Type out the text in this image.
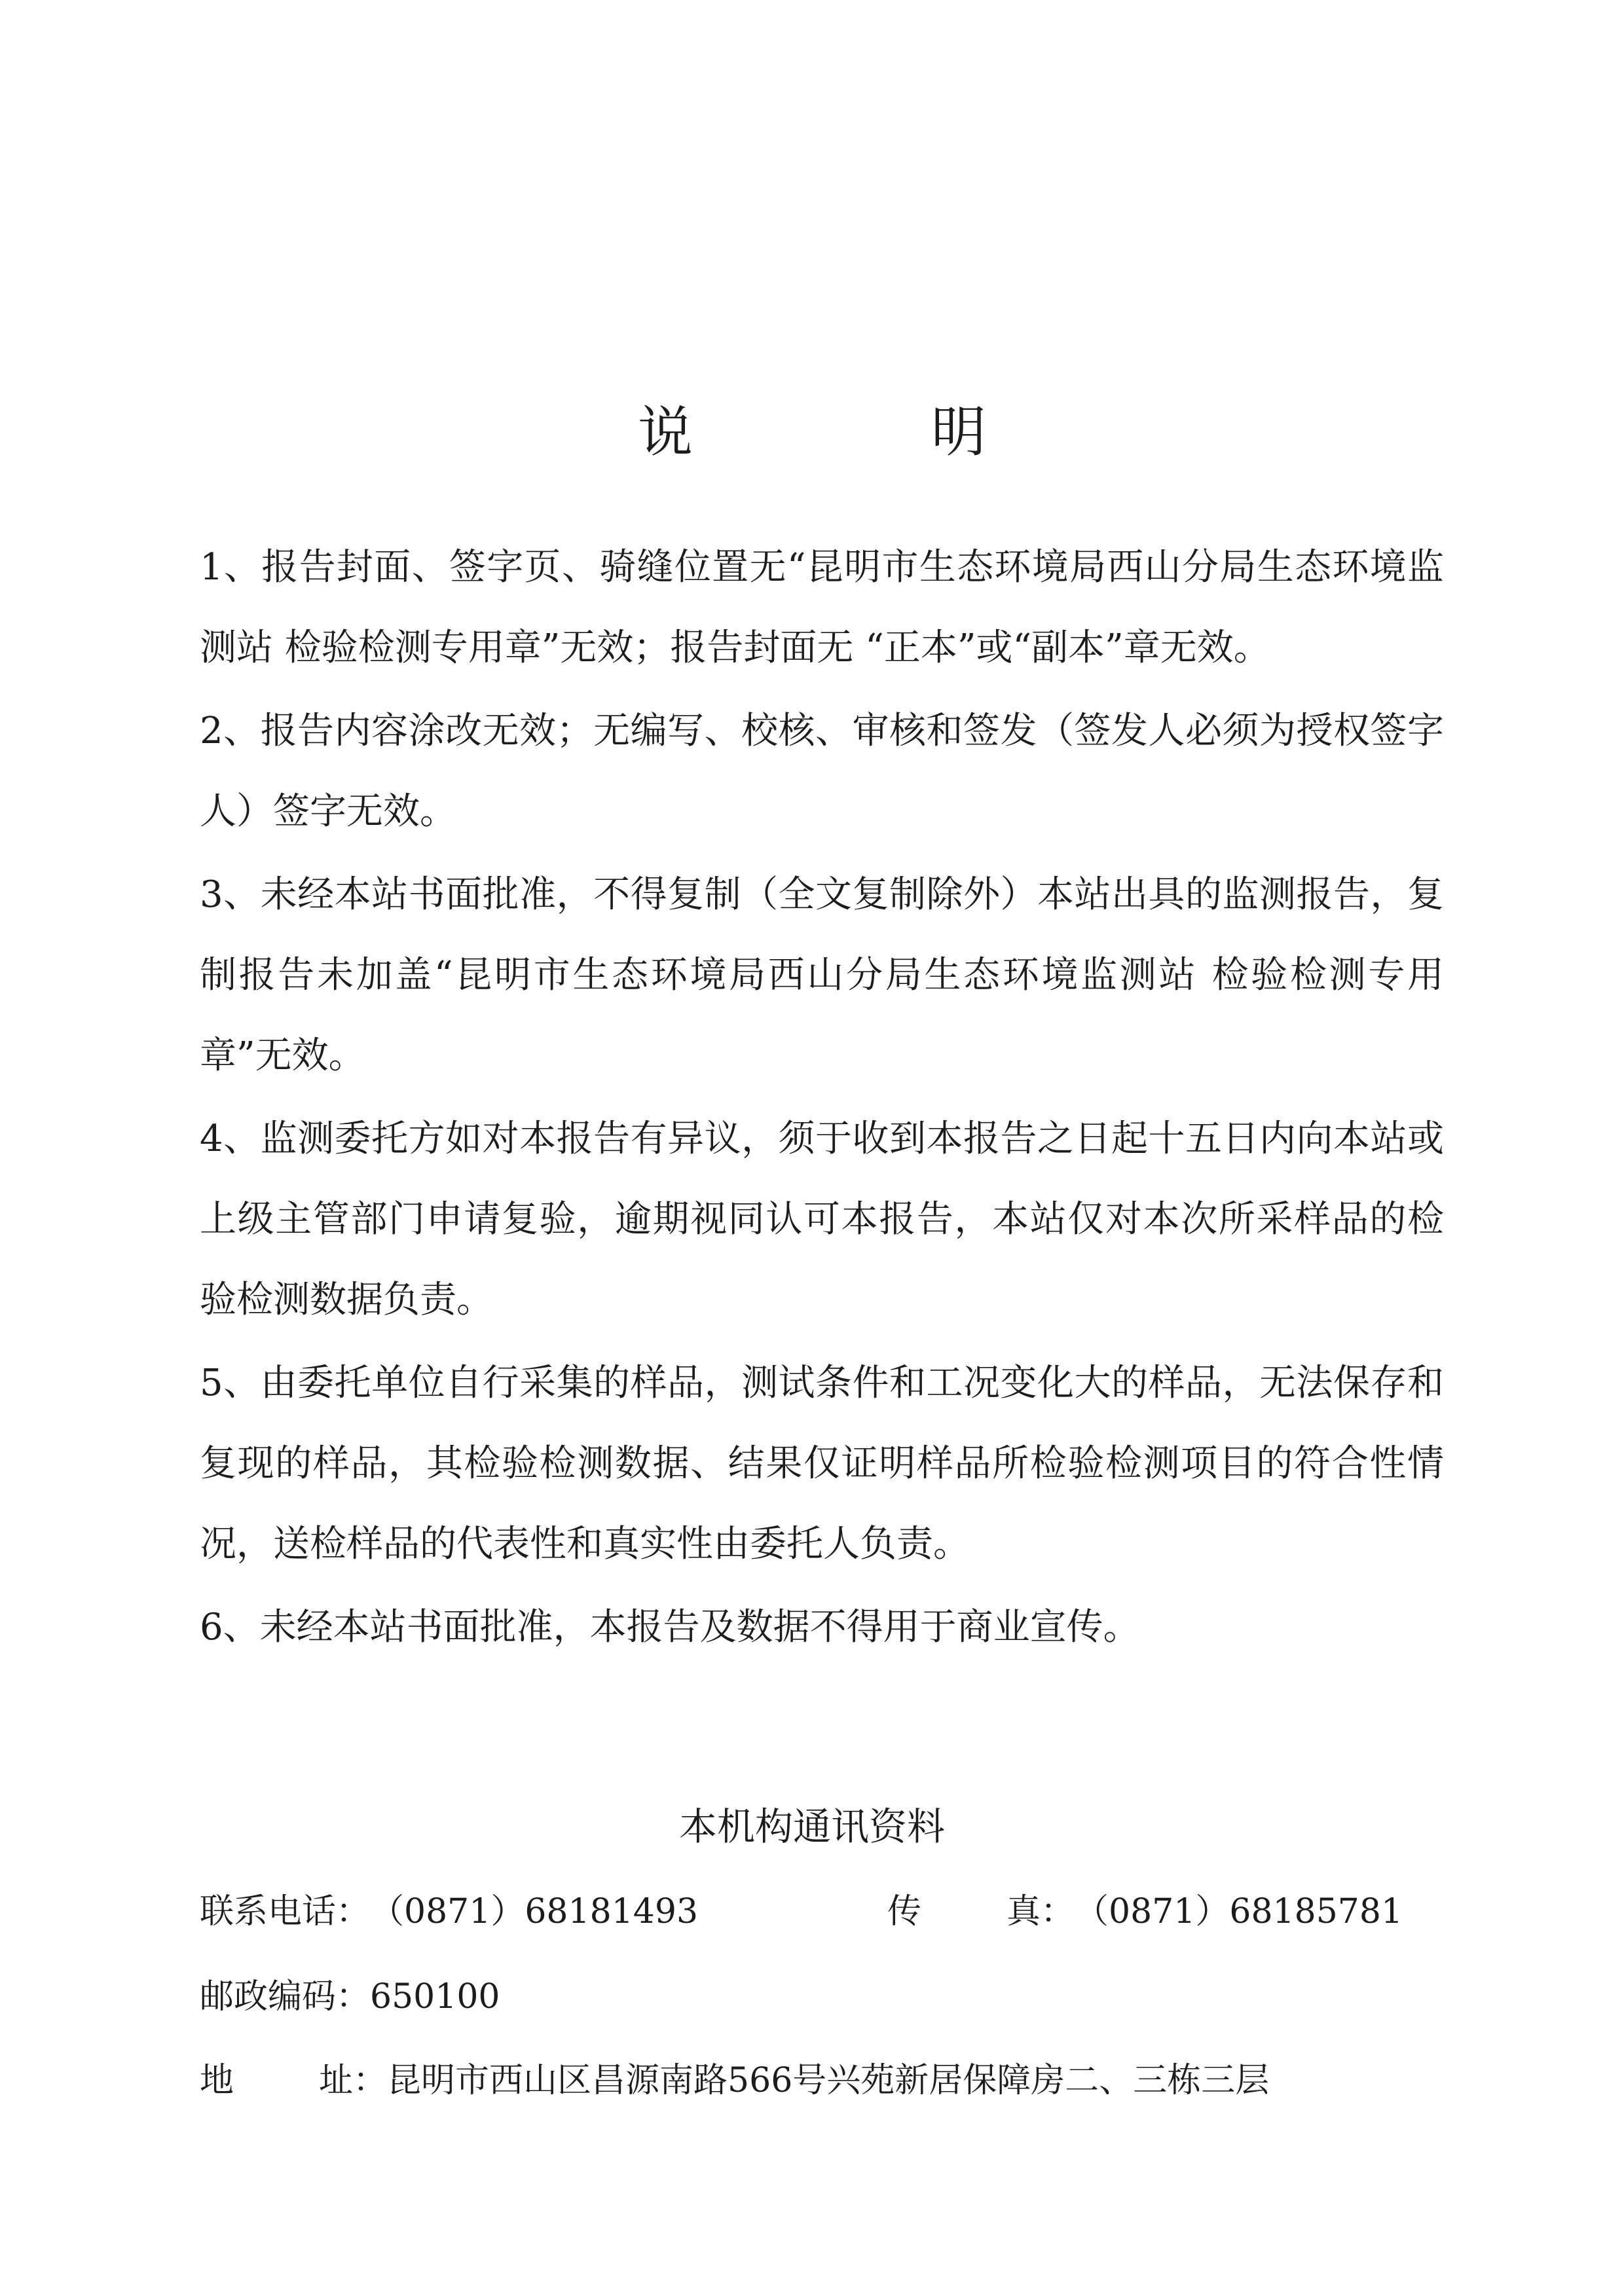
说　明

1、报告封面、签字页、骑缝位置无“昆明市生态环境局西山分局生态环境监测站 检验检测专用章”无效；报告封面无 “正本”或“副本”章无效。

2、报告内容涂改无效；无编写、校核、审核和签发（签发人必须为授权签字人）签字无效。

3、未经本站书面批准，不得复制（全文复制除外）本站出具的监测报告，复制报告未加盖“昆明市生态环境局西山分局生态环境监测站 检验检测专用章”无效。

4、监测委托方如对本报告有异议，须于收到本报告之日起十五日内向本站或上级主管部门申请复验，逾期视同认可本报告，本站仅对本次所采样品的检验检测数据负责。

5、由委托单位自行采集的样品，测试条件和工况变化大的样品，无法保存和复现的样品，其检验检测数据、结果仅证明样品所检验检测项目的符合性情况，送检样品的代表性和真实性由委托人负责。

6、未经本站书面批准，本报告及数据不得用于商业宣传。

本机构通讯资料
联系电话：（0871）68181493	传真：（0871）68185781
邮政编码：650100
地址：昆明市西山区昌源南路566号兴苑新居保障房二、三栋三层
